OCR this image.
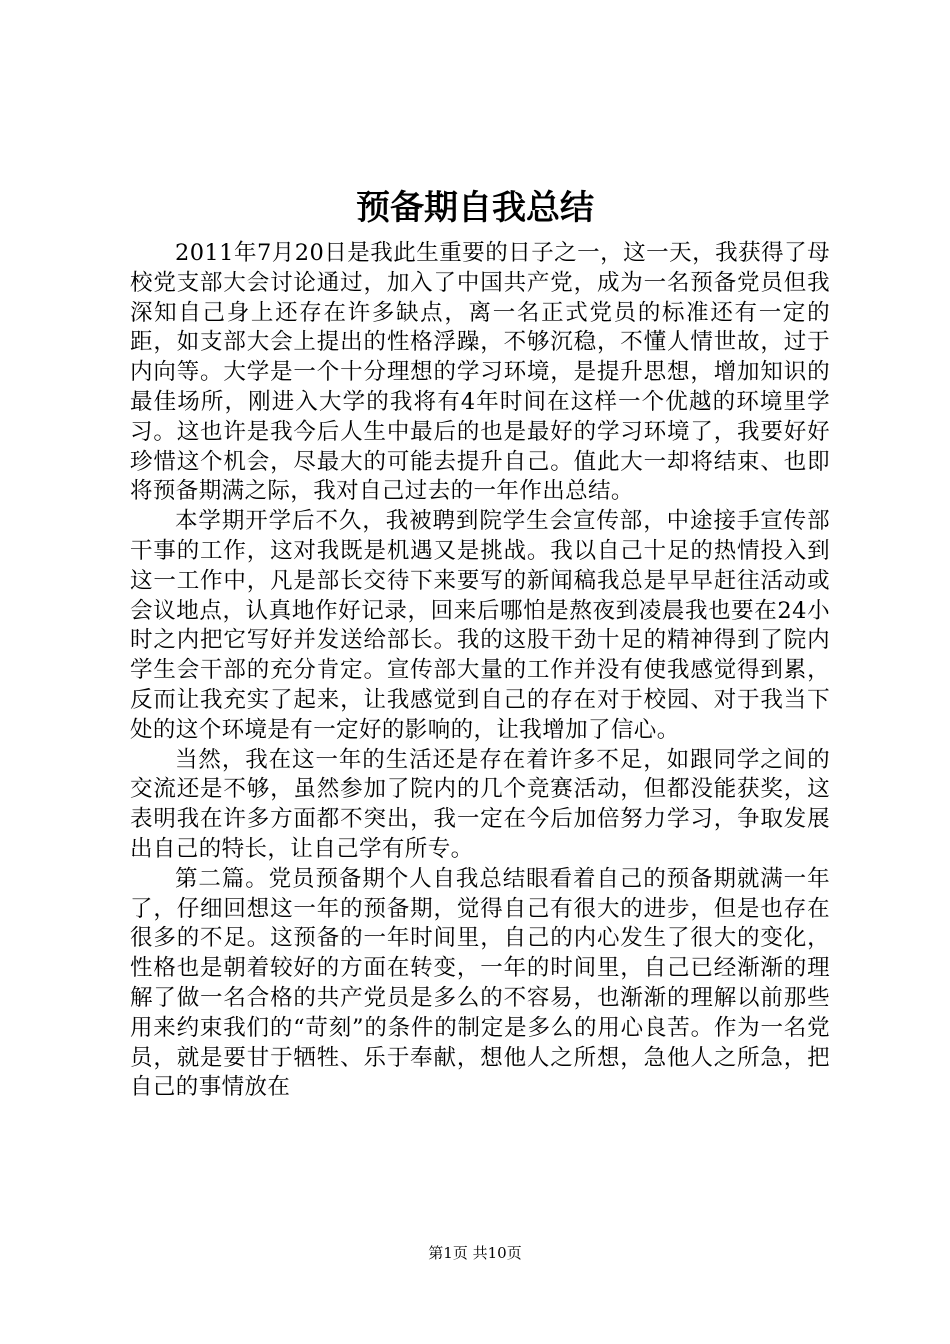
预备期自我总结

2011年7月20日是我此生重要的日子之一，这一天，我获得了母校党支部大会讨论通过，加入了中国共产党，成为一名预备党员但我深知自己身上还存在许多缺点，离一名正式党员的标准还有一定的距，如支部大会上提出的性格浮躁，不够沉稳，不懂人情世故，过于内向等。大学是一个十分理想的学习环境，是提升思想，增加知识的最佳场所，刚进入大学的我将有4年时间在这样一个优越的环境里学习。这也许是我今后人生中最后的也是最好的学习环境了，我要好好珍惜这个机会，尽最大的可能去提升自己。值此大一却将结束、也即将预备期满之际，我对自己过去的一年作出总结。

本学期开学后不久，我被聘到院学生会宣传部，中途接手宣传部干事的工作，这对我既是机遇又是挑战。我以自己十足的热情投入到这一工作中，凡是部长交待下来要写的新闻稿我总是早早赶往活动或会议地点，认真地作好记录，回来后哪怕是熬夜到凌晨我也要在24小时之内把它写好并发送给部长。我的这股干劲十足的精神得到了院内学生会干部的充分肯定。宣传部大量的工作并没有使我感觉得到累，反而让我充实了起来，让我感觉到自己的存在对于校园、对于我当下处的这个环境是有一定好的影响的，让我增加了信心。

当然，我在这一年的生活还是存在着许多不足，如跟同学之间的交流还是不够，虽然参加了院内的几个竞赛活动，但都没能获奖，这表明我在许多方面都不突出，我一定在今后加倍努力学习，争取发展出自己的特长，让自己学有所专。

第二篇。党员预备期个人自我总结眼看着自己的预备期就满一年了，仔细回想这一年的预备期，觉得自己有很大的进步，但是也存在很多的不足。这预备的一年时间里，自己的内心发生了很大的变化，性格也是朝着较好的方面在转变，一年的时间里，自己已经渐渐的理解了做一名合格的共产党员是多么的不容易，也渐渐的理解以前那些用来约束我们的“苛刻”的条件的制定是多么的用心良苦。作为一名党员，就是要甘于牺牲、乐于奉献，想他人之所想，急他人之所急，把自己的事情放在

第1页 共10页
